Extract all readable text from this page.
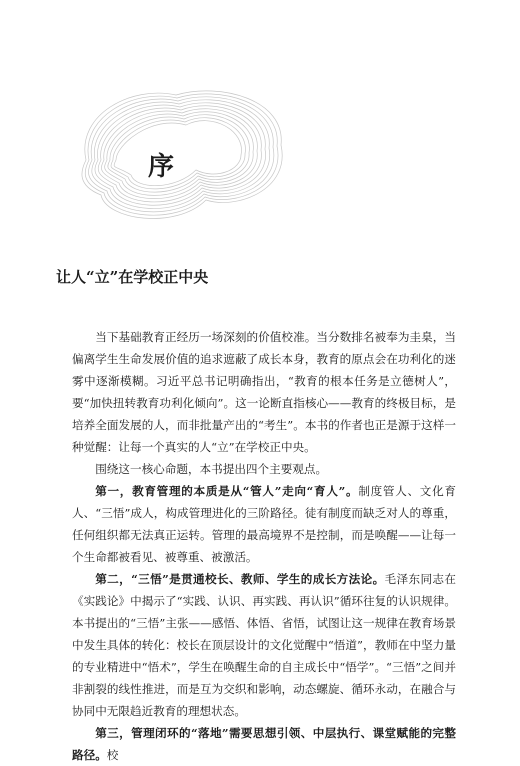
序
让人“立”在学校正中央

当下基础教育正经历一场深刻的价值校准。当分数排名被奉为圭臬，当偏离学生生命发展价值的追求遮蔽了成长本身，教育的原点会在功利化的迷雾中逐渐模糊。习近平总书记明确指出，“教育的根本任务是立德树人”，要“加快扭转教育功利化倾向”。这一论断直指核心——教育的终极目标，是培养全面发展的人，而非批量产出的“考生”。本书的作者也正是源于这样一种觉醒：让每一个真实的人“立”在学校正中央。

围绕这一核心命题，本书提出四个主要观点。

第一，教育管理的本质是从“管人”走向“育人”。制度管人、文化育人、“三悟”成人，构成管理进化的三阶路径。徒有制度而缺乏对人的尊重，任何组织都无法真正运转。管理的最高境界不是控制，而是唤醒——让每一个生命都被看见、被尊重、被激活。

第二，“三悟”是贯通校长、教师、学生的成长方法论。毛泽东同志在《实践论》中揭示了“实践、认识、再实践、再认识”循环往复的认识规律。本书提出的“三悟”主张——感悟、体悟、省悟，试图让这一规律在教育场景中发生具体的转化：校长在顶层设计的文化觉醒中“悟道”，教师在中坚力量的专业精进中“悟术”，学生在唤醒生命的自主成长中“悟学”。“三悟”之间并非割裂的线性推进，而是互为交织和影响，动态螺旋、循环永动，在融合与协同中无限趋近教育的理想状态。

第三，管理闭环的“落地”需要思想引领、中层执行、课堂赋能的完整路径。校
